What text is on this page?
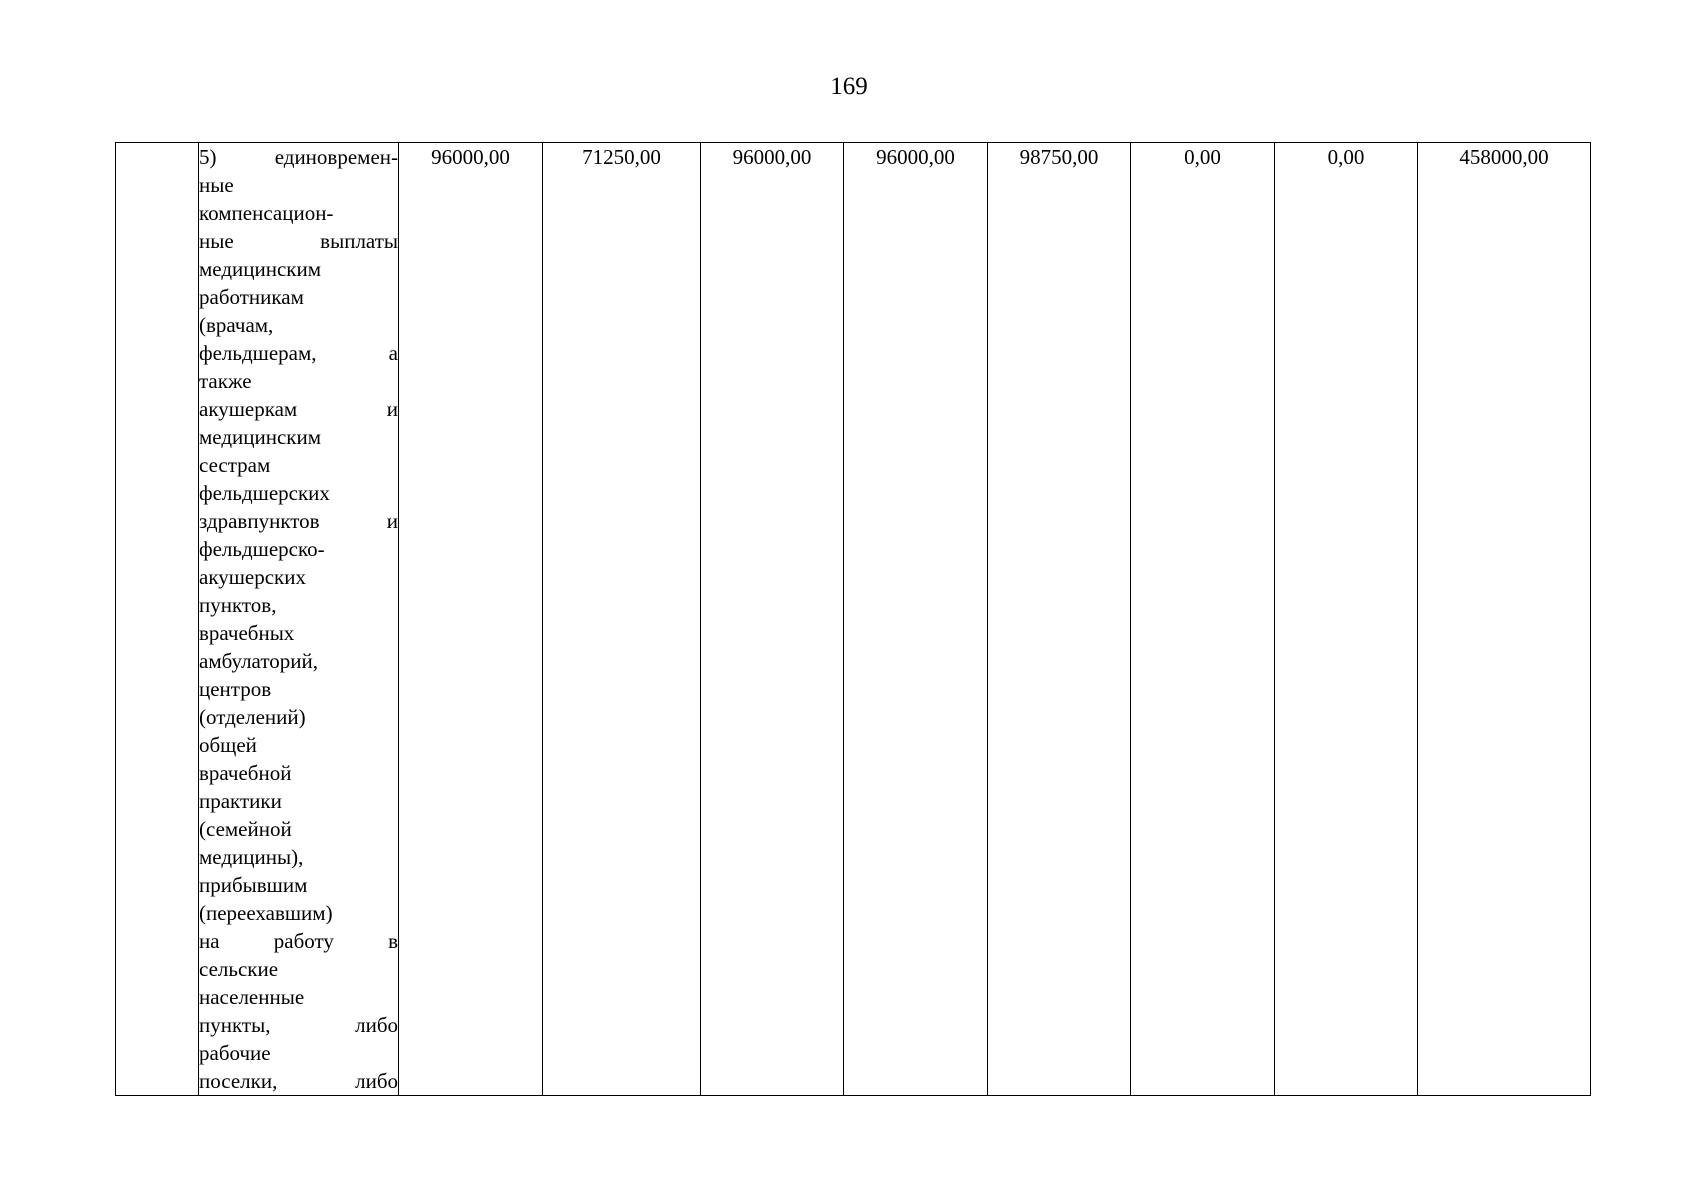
169

5) единовремен-
ные
компенсацион-
ные выплаты
медицинским
работникам
(врачам,
фельдшерам, а
также
акушеркам и
медицинским
сестрам
фельдшерских
здравпунктов и
фельдшерско-
акушерских
пунктов,
врачебных
амбулаторий,
центров
(отделений)
общей
врачебной
практики
(семейной
медицины),
прибывшим
(переехавшим)
на работу в
сельские
населенные
пункты, либо
рабочие
поселки, либо
	96000,00	71250,00	96000,00	96000,00	98750,00	0,00	0,00	458000,00
